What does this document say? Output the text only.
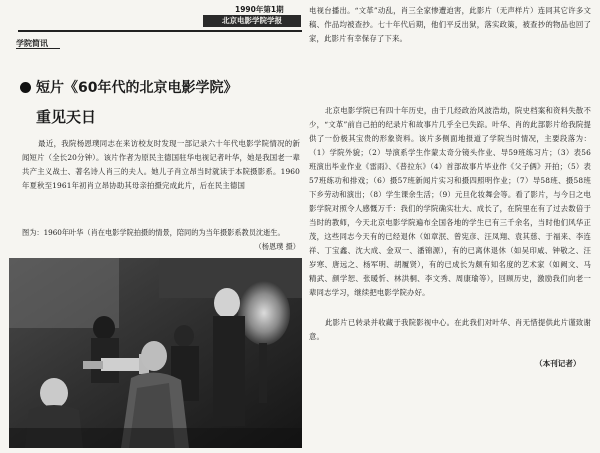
1990年第1期
北京电影学院学报
学院简讯
短片《60年代的北京电影学院》
重见天日
最近，我院杨恩璞同志在来访校友时发现一部记录六十年代电影学院情况的新闻短片（全长20分钟）。该片作者为原民主德国驻华电视记者叶华，她是我国老一辈共产主义战士、著名诗人肖三的夫人。她儿子肖立昂当时就读于本院摄影系。1960年夏秋至1961年初肖立昂协助其母亲拍摄完成此片，后在民主德国
图为：1960年叶华（肖在电影学院拍摄的情景，陪同的为当年摄影系教员沈逝生。
（杨恩璞 摄）
电视台播出。“文革”动乱，肖三全家惨遭迫害，此影片（无声样片）连同其它许多文稿、作品均被查抄。七十年代后期，他们平反出狱，落实政策，被查抄的物品也回了家，此影片有幸保存了下来。
北京电影学院已有四十年历史，由于几经政治风波浩劫，院史档案和资料失散不少，“文革”前自己拍的纪录片和故事片几乎全已失踪。叶华、肖的此部影片给我院提供了一份极其宝贵的形象资料。该片多侧面地报道了学院当时情况，主要段落为：（1）学院外貌；（2）导演系学生作蒙太奇分镜头作业、导59班练习片；（3）表56班演出毕业作业《雷雨》、《普拉东》（4）首部故事片毕业作《父子俩》开拍；（5）表57班练功和排戏；（6）摄57班新闻片实习和摄四照明作业；（7）导58班、摄58班下乡劳动和演出；（8）学生课余生活；（9）元旦化妆舞会等。看了影片，与今日之电影学院对照令人感慨万千：我们的学院确实壮大、成长了，在院里在有了过去数倍于当时的教师，今天北京电影学院遍布全国各地的学生已有三千余名，当时他们风华正茂，这些同志今天有的已经退休（如章泯、曾宪彦、汪凤翔、袁其慈、于福来、李连祥、丁宝鑫、沈大成、金双一、潘锦源），有的已离休退休（如吴印咸、钟敬之、汪岁寒、唐远之、杨军明、胡履贤），有的已成长为颇有知名度的艺术家（如阙文、马精武、颜学恕、张暖忻、林洪桐、李文秀、周康瑜等），回顾历史，激励我们向老一辈同志学习，继续把电影学院办好。
此影片已转录并收藏于我院影视中心。在此我们对叶华、肖无惜提供此片谨致谢意。
（本刊记者）
